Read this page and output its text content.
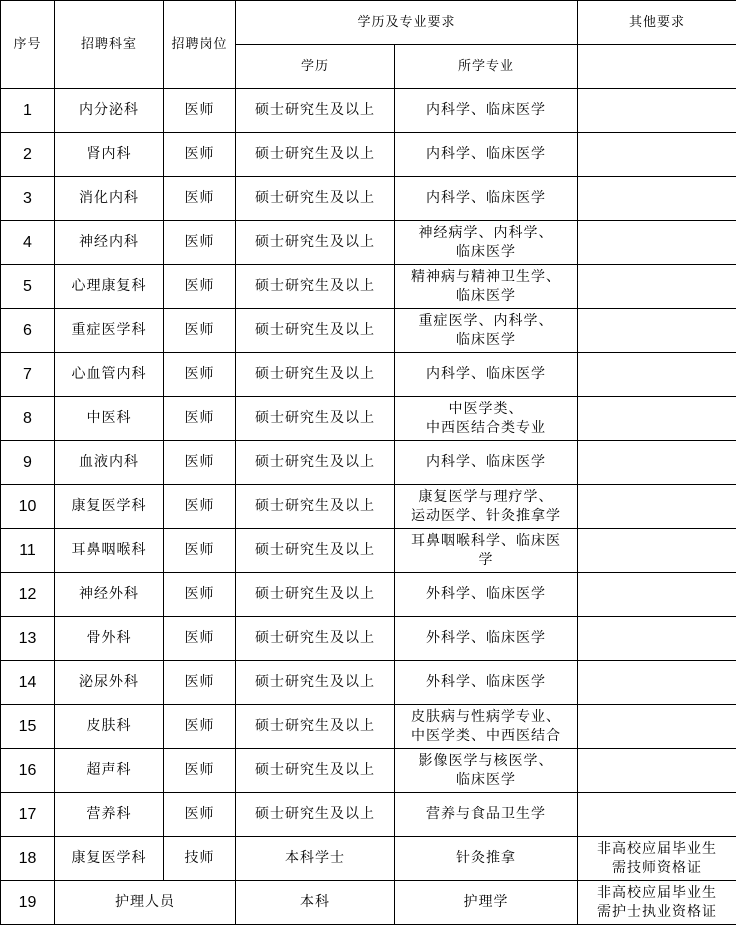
序号	招聘科室	招聘岗位	学历及专业要求		其他要求
			学历	所学专业	
1	内分泌科	医师	硕士研究生及以上	内科学、临床医学	

2	肾内科	医师	硕士研究生及以上	内科学、临床医学	

3	消化内科	医师	硕士研究生及以上	内科学、临床医学	

4	神经内科	医师	硕士研究生及以上	神经病学、内科学、
临床医学	

5	心理康复科	医师	硕士研究生及以上	精神病与精神卫生学、
临床医学	

6	重症医学科	医师	硕士研究生及以上	重症医学、内科学、
临床医学	

7	心血管内科	医师	硕士研究生及以上	内科学、临床医学	

8	中医科	医师	硕士研究生及以上	中医学类、
中西医结合类专业	

9	血液内科	医师	硕士研究生及以上	内科学、临床医学	

10	康复医学科	医师	硕士研究生及以上	康复医学与理疗学、
运动医学、针灸推拿学	

11	耳鼻咽喉科	医师	硕士研究生及以上	耳鼻咽喉科学、临床医
学	

12	神经外科	医师	硕士研究生及以上	外科学、临床医学	

13	骨外科	医师	硕士研究生及以上	外科学、临床医学	

14	泌尿外科	医师	硕士研究生及以上	外科学、临床医学	

15	皮肤科	医师	硕士研究生及以上	皮肤病与性病学专业、
中医学类、中西医结合	

16	超声科	医师	硕士研究生及以上	影像医学与核医学、
临床医学	

17	营养科	医师	硕士研究生及以上	营养与食品卫生学	

18	康复医学科	技师	本科学士	针灸推拿	非高校应届毕业生
需技师资格证

19	护理人员		本科	护理学	非高校应届毕业生
需护士执业资格证
